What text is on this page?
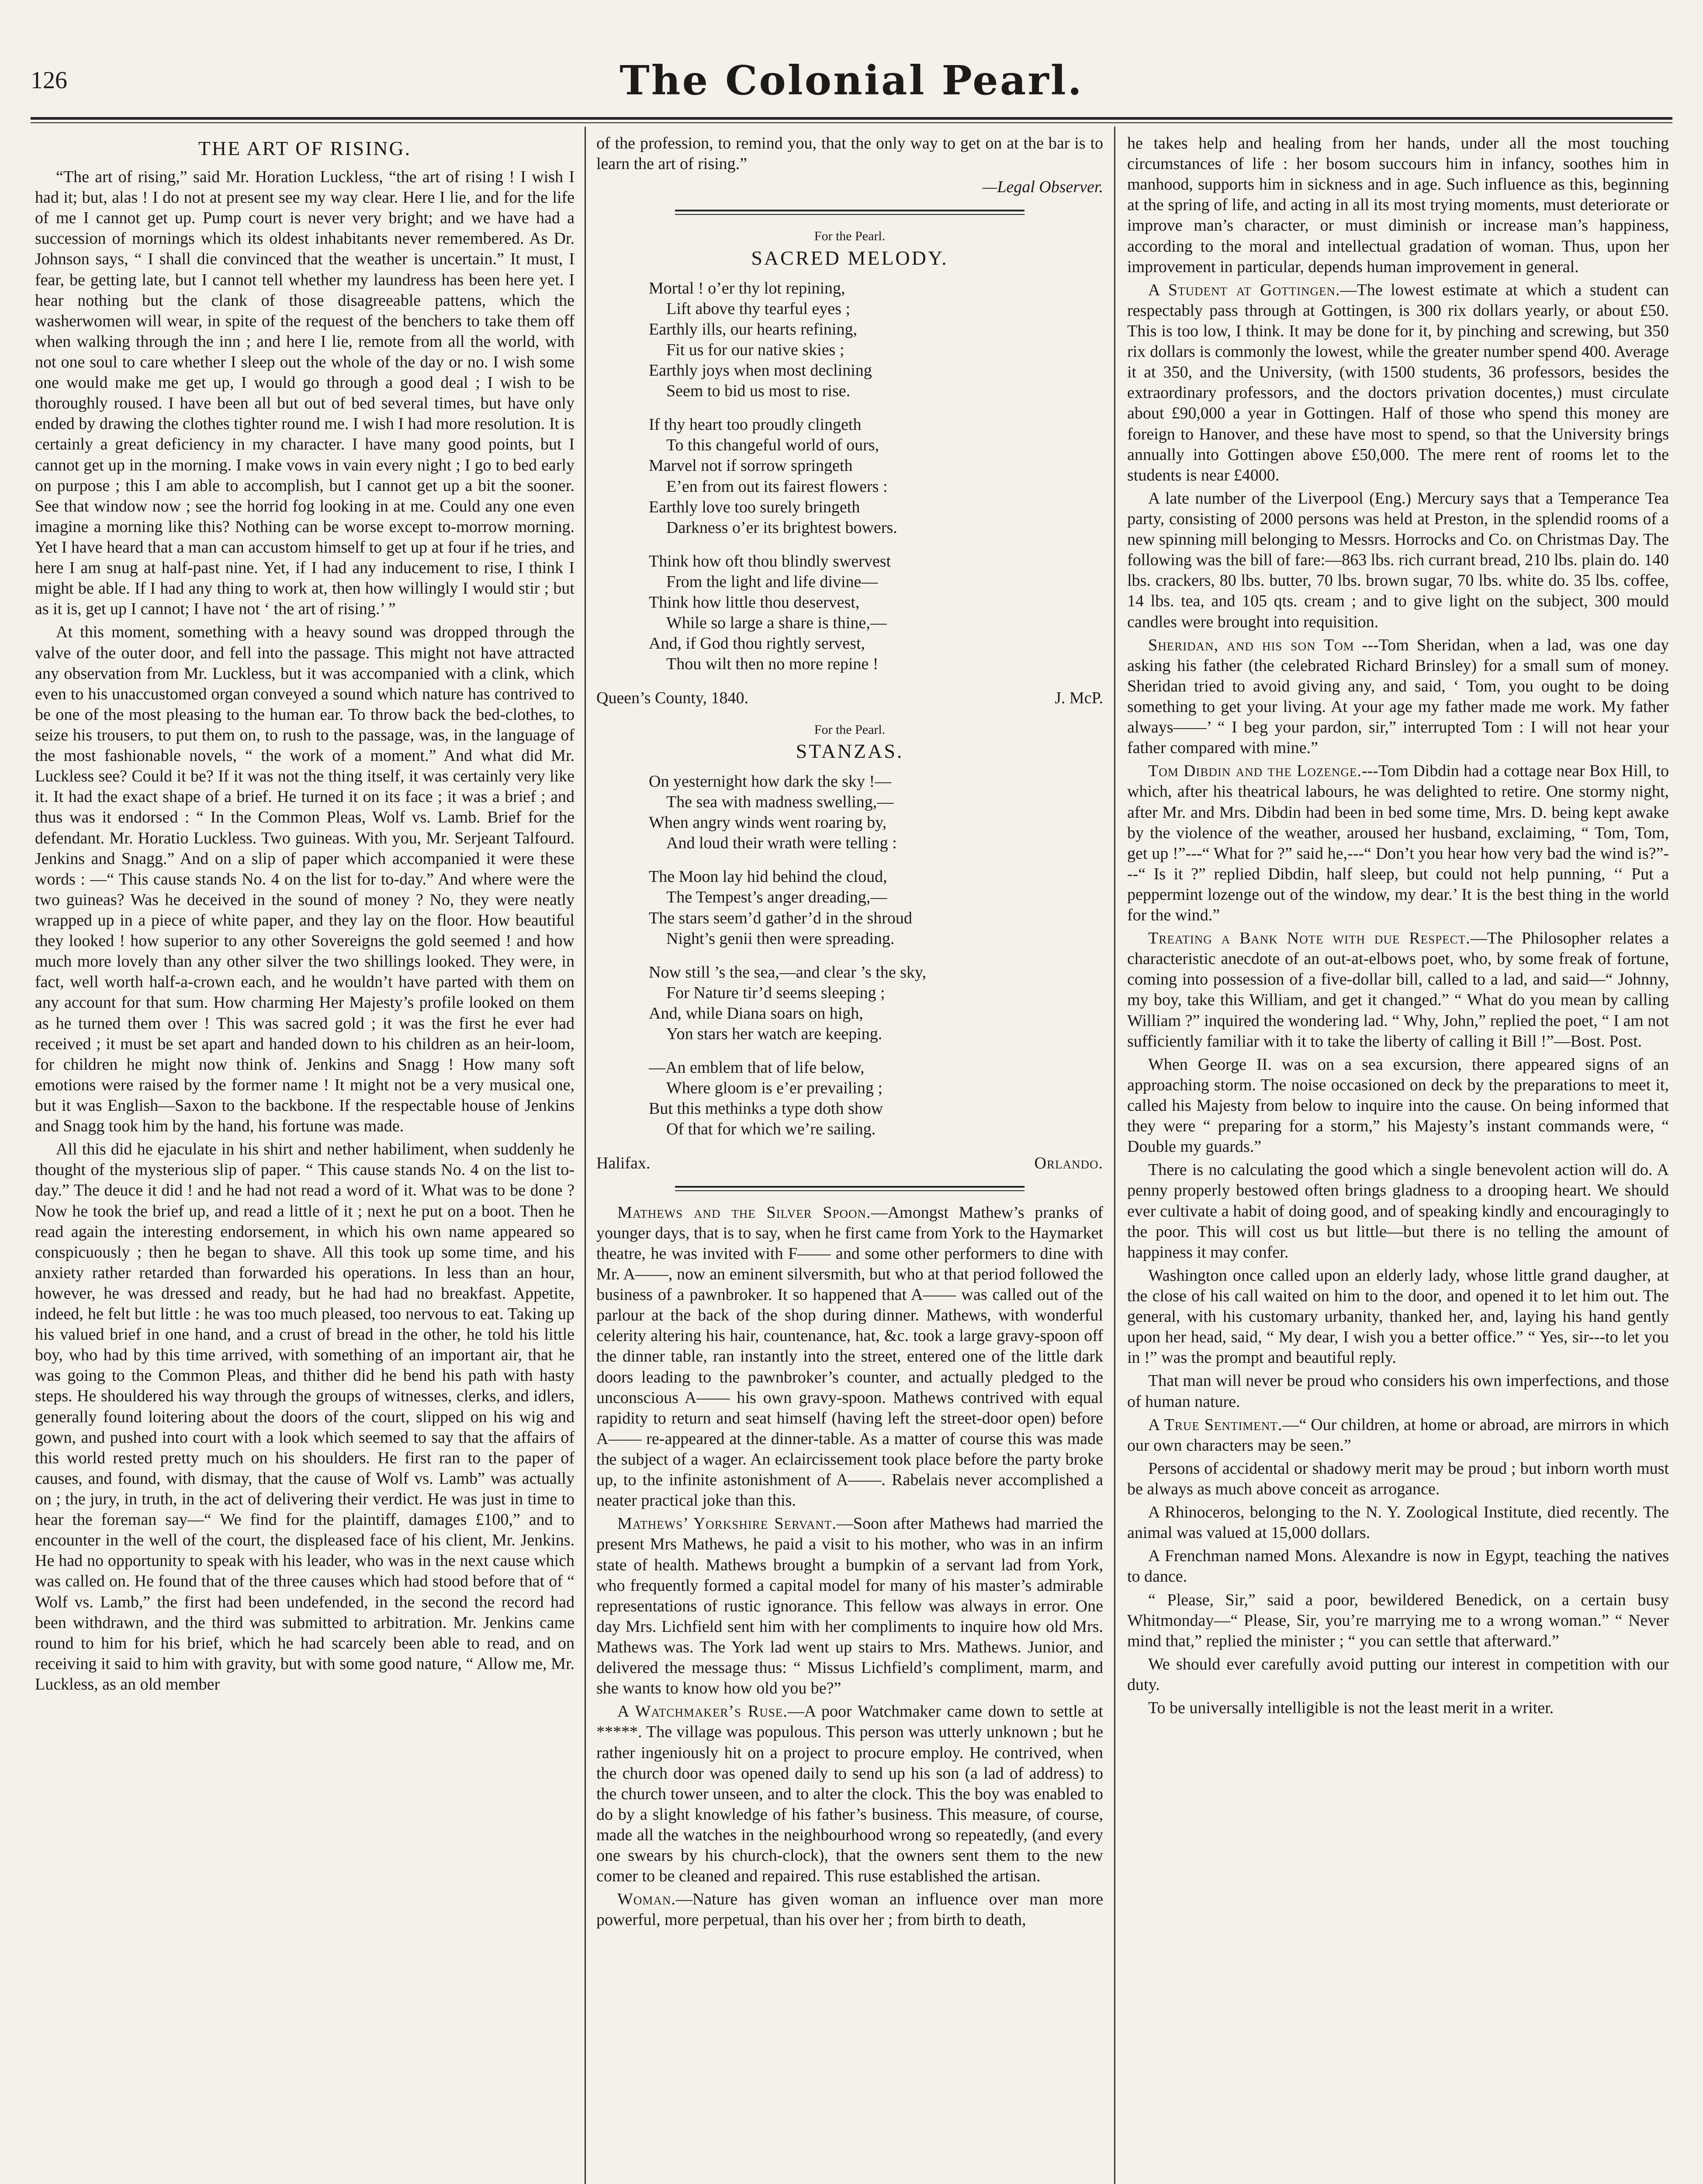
126	The Colonial Pearl.
THE ART OF RISING.

“The art of rising,” said Mr. Horation Luckless, “the art of rising ! I wish I had it; but, alas ! I do not at present see my way clear. Here I lie, and for the life of me I cannot get up. Pump court is never very bright; and we have had a succession of mornings which its oldest inhabitants never remembered. As Dr. Johnson says, “ I shall die convinced that the weather is uncertain.” It must, I fear, be getting late, but I cannot tell whether my laundress has been here yet. I hear nothing but the clank of those disagreeable pattens, which the washerwomen will wear, in spite of the request of the benchers to take them off when walking through the inn ; and here I lie, remote from all the world, with not one soul to care whether I sleep out the whole of the day or no. I wish some one would make me get up, I would go through a good deal ; I wish to be thoroughly roused. I have been all but out of bed several times, but have only ended by drawing the clothes tighter round me. I wish I had more resolution. It is certainly a great deficiency in my character. I have many good points, but I cannot get up in the morning. I make vows in vain every night ; I go to bed early on purpose ; this I am able to accomplish, but I cannot get up a bit the sooner. See that window now ; see the horrid fog looking in at me. Could any one even imagine a morning like this? Nothing can be worse except to-morrow morning. Yet I have heard that a man can accustom himself to get up at four if he tries, and here I am snug at half-past nine. Yet, if I had any inducement to rise, I think I might be able. If I had any thing to work at, then how willingly I would stir ; but as it is, get up I cannot; I have not ‘ the art of rising.’ ”

At this moment, something with a heavy sound was dropped through the valve of the outer door, and fell into the passage. This might not have attracted any observation from Mr. Luckless, but it was accompanied with a clink, which even to his unaccustomed organ conveyed a sound which nature has contrived to be one of the most pleasing to the human ear. To throw back the bed-clothes, to seize his trousers, to put them on, to rush to the passage, was, in the language of the most fashionable novels, “ the work of a moment.” And what did Mr. Luckless see? Could it be? If it was not the thing itself, it was certainly very like it. It had the exact shape of a brief. He turned it on its face ; it was a brief ; and thus was it endorsed : “ In the Common Pleas, Wolf vs. Lamb. Brief for the defendant. Mr. Horatio Luckless. Two guineas. With you, Mr. Serjeant Talfourd. Jenkins and Snagg.” And on a slip of paper which accompanied it were these words : —“ This cause stands No. 4 on the list for to-day.” And where were the two guineas? Was he deceived in the sound of money ? No, they were neatly wrapped up in a piece of white paper, and they lay on the floor. How beautiful they looked ! how superior to any other Sovereigns the gold seemed ! and how much more lovely than any other silver the two shillings looked. They were, in fact, well worth half-a-crown each, and he wouldn’t have parted with them on any account for that sum. How charming Her Majesty’s profile looked on them as he turned them over ! This was sacred gold ; it was the first he ever had received ; it must be set apart and handed down to his children as an heir-loom, for children he might now think of. Jenkins and Snagg ! How many soft emotions were raised by the former name ! It might not be a very musical one, but it was English—Saxon to the backbone. If the respectable house of Jenkins and Snagg took him by the hand, his fortune was made.

All this did he ejaculate in his shirt and nether habiliment, when suddenly he thought of the mysterious slip of paper. “ This cause stands No. 4 on the list to-day.” The deuce it did ! and he had not read a word of it. What was to be done ? Now he took the brief up, and read a little of it ; next he put on a boot. Then he read again the interesting endorsement, in which his own name appeared so conspicuously ; then he began to shave. All this took up some time, and his anxiety rather retarded than forwarded his operations. In less than an hour, however, he was dressed and ready, but he had had no breakfast. Appetite, indeed, he felt but little : he was too much pleased, too nervous to eat. Taking up his valued brief in one hand, and a crust of bread in the other, he told his little boy, who had by this time arrived, with something of an important air, that he was going to the Common Pleas, and thither did he bend his path with hasty steps. He shouldered his way through the groups of witnesses, clerks, and idlers, generally found loitering about the doors of the court, slipped on his wig and gown, and pushed into court with a look which seemed to say that the affairs of this world rested pretty much on his shoulders. He first ran to the paper of causes, and found, with dismay, that the cause of Wolf vs. Lamb” was actually on ; the jury, in truth, in the act of delivering their verdict. He was just in time to hear the foreman say—“ We find for the plaintiff, damages £100,” and to encounter in the well of the court, the displeased face of his client, Mr. Jenkins. He had no opportunity to speak with his leader, who was in the next cause which was called on. He found that of the three causes which had stood before that of “ Wolf vs. Lamb,” the first had been undefended, in the second the record had been withdrawn, and the third was submitted to arbitration. Mr. Jenkins came round to him for his brief, which he had scarcely been able to read, and on receiving it said to him with gravity, but with some good nature, “ Allow me, Mr. Luckless, as an old member

of the profession, to remind you, that the only way to get on at the bar is to learn the art of rising.”

—Legal Observer.
For the Pearl.
SACRED MELODY.
Mortal ! o’er thy lot repining,
Lift above thy tearful eyes ;
Earthly ills, our hearts refining,
Fit us for our native skies ;
Earthly joys when most declining
Seem to bid us most to rise.
If thy heart too proudly clingeth
To this changeful world of ours,
Marvel not if sorrow springeth
E’en from out its fairest flowers :
Earthly love too surely bringeth
Darkness o’er its brightest bowers.
Think how oft thou blindly swervest
From the light and life divine—
Think how little thou deservest,
While so large a share is thine,—
And, if God thou rightly servest,
Thou wilt then no more repine !
Queen’s County, 1840.	J. McP.
For the Pearl.
STANZAS.
On yesternight how dark the sky !—
The sea with madness swelling,—
When angry winds went roaring by,
And loud their wrath were telling :
The Moon lay hid behind the cloud,
The Tempest’s anger dreading,—
The stars seem’d gather’d in the shroud
Night’s genii then were spreading.
Now still ’s the sea,—and clear ’s the sky,
For Nature tir’d seems sleeping ;
And, while Diana soars on high,
Yon stars her watch are keeping.
—An emblem that of life below,
Where gloom is e’er prevailing ;
But this methinks a type doth show
Of that for which we’re sailing.
Halifax.	Orlando.

Mathews and the Silver Spoon.—Amongst Mathew’s pranks of younger days, that is to say, when he first came from York to the Haymarket theatre, he was invited with F—— and some other performers to dine with Mr. A——, now an eminent silversmith, but who at that period followed the business of a pawnbroker. It so happened that A—— was called out of the parlour at the back of the shop during dinner. Mathews, with wonderful celerity altering his hair, countenance, hat, &c. took a large gravy-spoon off the dinner table, ran instantly into the street, entered one of the little dark doors leading to the pawnbroker’s counter, and actually pledged to the unconscious A—— his own gravy-spoon. Mathews contrived with equal rapidity to return and seat himself (having left the street-door open) before A—— re-appeared at the dinner-table. As a matter of course this was made the subject of a wager. An eclaircissement took place before the party broke up, to the infinite astonishment of A——. Rabelais never accomplished a neater practical joke than this.

Mathews’ Yorkshire Servant.—Soon after Mathews had married the present Mrs Mathews, he paid a visit to his mother, who was in an infirm state of health. Mathews brought a bumpkin of a servant lad from York, who frequently formed a capital model for many of his master’s admirable representations of rustic ignorance. This fellow was always in error. One day Mrs. Lichfield sent him with her compliments to inquire how old Mrs. Mathews was. The York lad went up stairs to Mrs. Mathews. Junior, and delivered the message thus: “ Missus Lichfield’s compliment, marm, and she wants to know how old you be?”

A Watchmaker’s Ruse.—A poor Watchmaker came down to settle at *****. The village was populous. This person was utterly unknown ; but he rather ingeniously hit on a project to procure employ. He contrived, when the church door was opened daily to send up his son (a lad of address) to the church tower unseen, and to alter the clock. This the boy was enabled to do by a slight knowledge of his father’s business. This measure, of course, made all the watches in the neighbourhood wrong so repeatedly, (and every one swears by his church-clock), that the owners sent them to the new comer to be cleaned and repaired. This ruse established the artisan.

Woman.—Nature has given woman an influence over man more powerful, more perpetual, than his over her ; from birth to death,

he takes help and healing from her hands, under all the most touching circumstances of life : her bosom succours him in infancy, soothes him in manhood, supports him in sickness and in age. Such influence as this, beginning at the spring of life, and acting in all its most trying moments, must deteriorate or improve man’s character, or must diminish or increase man’s happiness, according to the moral and intellectual gradation of woman. Thus, upon her improvement in particular, depends human improvement in general.

A Student at Gottingen.—The lowest estimate at which a student can respectably pass through at Gottingen, is 300 rix dollars yearly, or about £50. This is too low, I think. It may be done for it, by pinching and screwing, but 350 rix dollars is commonly the lowest, while the greater number spend 400. Average it at 350, and the University, (with 1500 students, 36 professors, besides the extraordinary professors, and the doctors privation docentes,) must circulate about £90,000 a year in Gottingen. Half of those who spend this money are foreign to Hanover, and these have most to spend, so that the University brings annually into Gottingen above £50,000. The mere rent of rooms let to the students is near £4000.

A late number of the Liverpool (Eng.) Mercury says that a Temperance Tea party, consisting of 2000 persons was held at Preston, in the splendid rooms of a new spinning mill belonging to Messrs. Horrocks and Co. on Christmas Day. The following was the bill of fare:—863 lbs. rich currant bread, 210 lbs. plain do. 140 lbs. crackers, 80 lbs. butter, 70 lbs. brown sugar, 70 lbs. white do. 35 lbs. coffee, 14 lbs. tea, and 105 qts. cream ; and to give light on the subject, 300 mould candles were brought into requisition.

Sheridan, and his son Tom ---Tom Sheridan, when a lad, was one day asking his father (the celebrated Richard Brinsley) for a small sum of money. Sheridan tried to avoid giving any, and said, ‘ Tom, you ought to be doing something to get your living. At your age my father made me work. My father always——’ “ I beg your pardon, sir,” interrupted Tom : I will not hear your father compared with mine.”

Tom Dibdin and the Lozenge.---Tom Dibdin had a cottage near Box Hill, to which, after his theatrical labours, he was delighted to retire. One stormy night, after Mr. and Mrs. Dibdin had been in bed some time, Mrs. D. being kept awake by the violence of the weather, aroused her husband, exclaiming, “ Tom, Tom, get up !”---“ What for ?” said he,---“ Don’t you hear how very bad the wind is?”---“ Is it ?” replied Dibdin, half sleep, but could not help punning, ‘‘ Put a peppermint lozenge out of the window, my dear.’ It is the best thing in the world for the wind.”

Treating a Bank Note with due Respect.—The Philosopher relates a characteristic anecdote of an out-at-elbows poet, who, by some freak of fortune, coming into possession of a five-dollar bill, called to a lad, and said—“ Johnny, my boy, take this William, and get it changed.” “ What do you mean by calling William ?” inquired the wondering lad. “ Why, John,” replied the poet, “ I am not sufficiently familiar with it to take the liberty of calling it Bill !”—Bost. Post.

When George II. was on a sea excursion, there appeared signs of an approaching storm. The noise occasioned on deck by the preparations to meet it, called his Majesty from below to inquire into the cause. On being informed that they were “ preparing for a storm,” his Majesty’s instant commands were, “ Double my guards.”

There is no calculating the good which a single benevolent action will do. A penny properly bestowed often brings gladness to a drooping heart. We should ever cultivate a habit of doing good, and of speaking kindly and encouragingly to the poor. This will cost us but little—but there is no telling the amount of happiness it may confer.

Washington once called upon an elderly lady, whose little grand daugher, at the close of his call waited on him to the door, and opened it to let him out. The general, with his customary urbanity, thanked her, and, laying his hand gently upon her head, said, “ My dear, I wish you a better office.” “ Yes, sir---to let you in !” was the prompt and beautiful reply.

That man will never be proud who considers his own imperfections, and those of human nature.

A True Sentiment.—“ Our children, at home or abroad, are mirrors in which our own characters may be seen.”

Persons of accidental or shadowy merit may be proud ; but inborn worth must be always as much above conceit as arrogance.

A Rhinoceros, belonging to the N. Y. Zoological Institute, died recently. The animal was valued at 15,000 dollars.

A Frenchman named Mons. Alexandre is now in Egypt, teaching the natives to dance.

“ Please, Sir,” said a poor, bewildered Benedick, on a certain busy Whitmonday—“ Please, Sir, you’re marrying me to a wrong woman.” “ Never mind that,” replied the minister ; “ you can settle that afterward.”

We should ever carefully avoid putting our interest in competition with our duty.

To be universally intelligible is not the least merit in a writer.
